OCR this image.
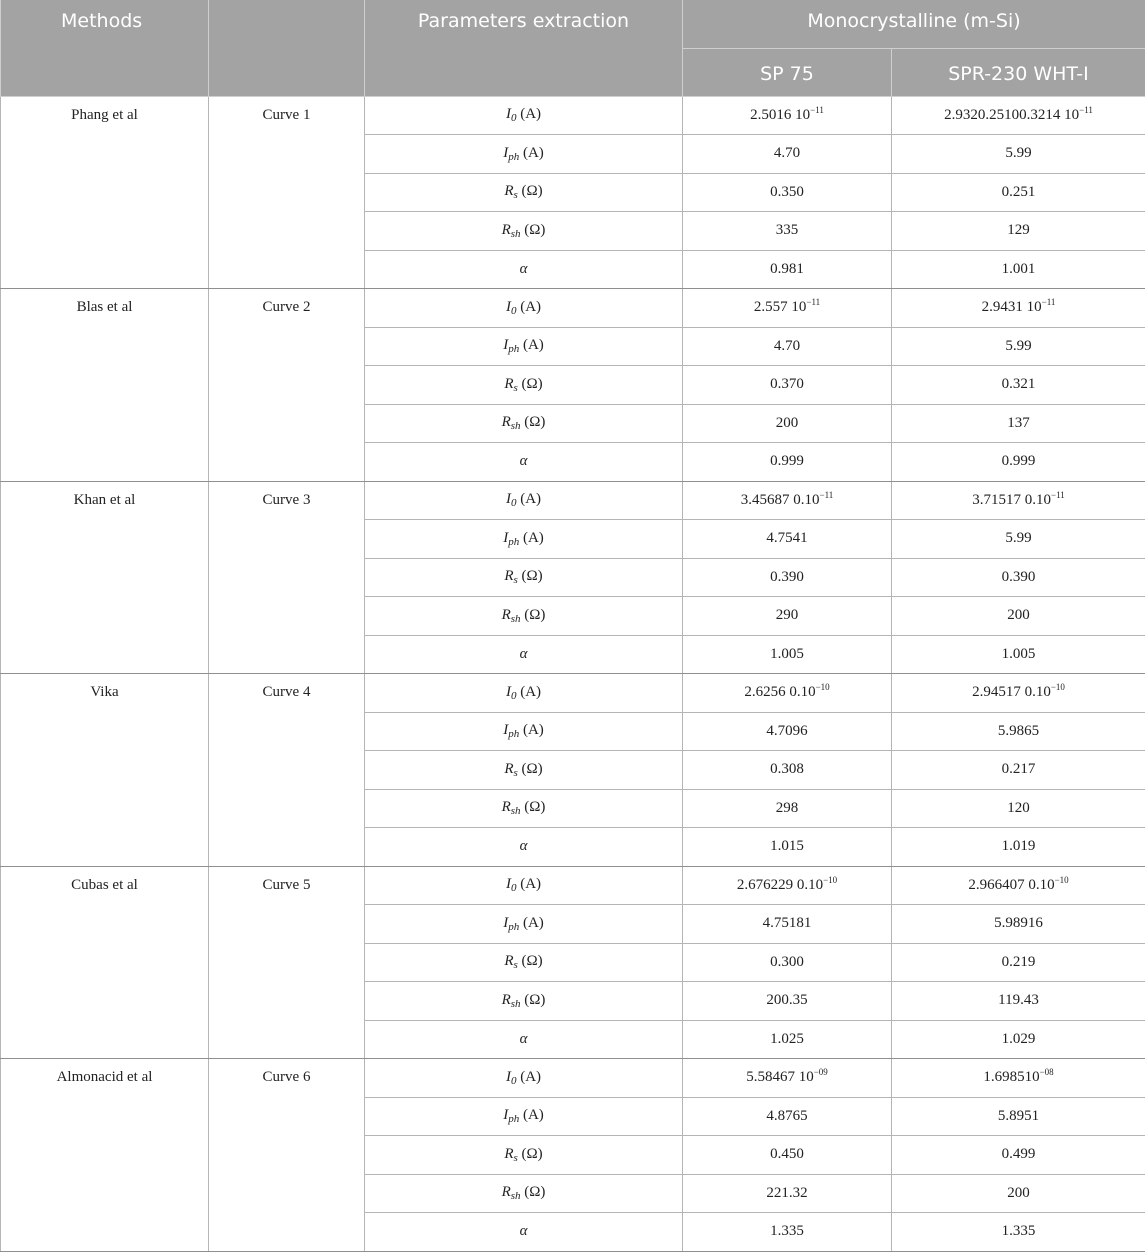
Methods		Parameters extraction	Monocrystalline (m-Si)	
			SP 75	SPR-230 WHT-I
Phang et al	Curve 1	$I_0$ (A)	2.5016 $10^{-11}$	2.9320.25100.3214 $10^{-11}$
		$I_{ph}$ (A)	4.70	5.99
		$R_s$ (Ω)	0.350	0.251
		$R_{sh}$ (Ω)	335	129
		α	0.981	1.001
Blas et al	Curve 2	$I_0$ (A)	2.557 $10^{-11}$	2.9431 $10^{-11}$
		$I_{ph}$ (A)	4.70	5.99
		$R_s$ (Ω)	0.370	0.321
		$R_{sh}$ (Ω)	200	137
		α	0.999	0.999
Khan et al	Curve 3	$I_0$ (A)	3.45687 $0.10^{-11}$	3.71517 $0.10^{-11}$
		$I_{ph}$ (A)	4.7541	5.99
		$R_s$ (Ω)	0.390	0.390
		$R_{sh}$ (Ω)	290	200
		α	1.005	1.005
Vika	Curve 4	$I_0$ (A)	2.6256 $0.10^{-10}$	2.94517 $0.10^{-10}$
		$I_{ph}$ (A)	4.7096	5.9865
		$R_s$ (Ω)	0.308	0.217
		$R_{sh}$ (Ω)	298	120
		α	1.015	1.019
Cubas et al	Curve 5	$I_0$ (A)	2.676229 $0.10^{-10}$	2.966407 $0.10^{-10}$
		$I_{ph}$ (A)	4.75181	5.98916
		$R_s$ (Ω)	0.300	0.219
		$R_{sh}$ (Ω)	200.35	119.43
		α	1.025	1.029
Almonacid et al	Curve 6	$I_0$ (A)	5.58467 $10^{-09}$	$1.698510^{-08}$
		$I_{ph}$ (A)	4.8765	5.8951
		$R_s$ (Ω)	0.450	0.499
		$R_{sh}$ (Ω)	221.32	200
		α	1.335	1.335
